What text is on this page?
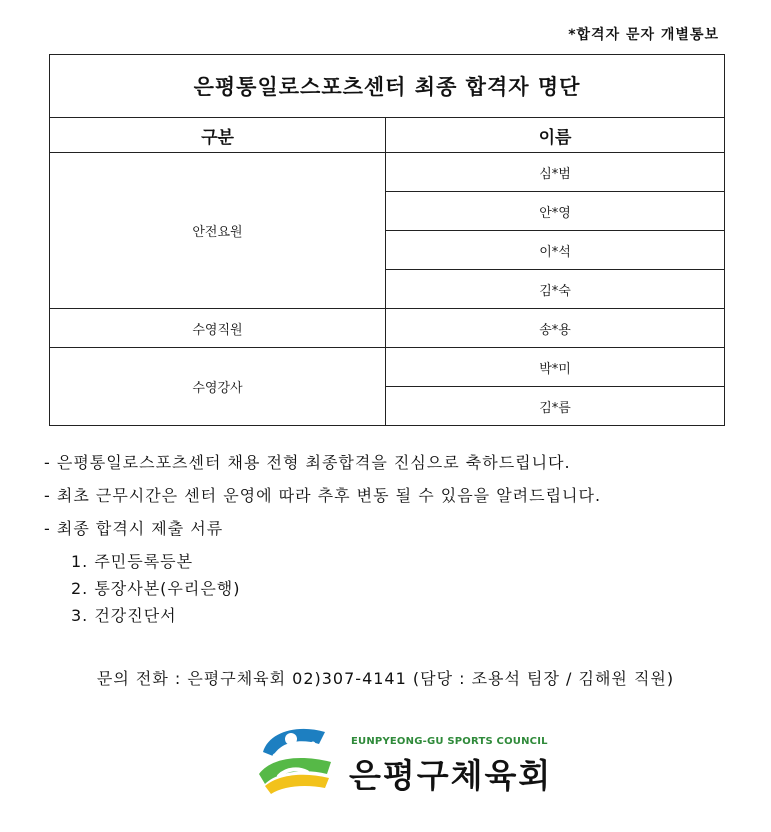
*합격자 문자 개별통보
은평통일로스포츠센터 최종 합격자 명단	
구분	이름
안전요원	심*범
	안*영
	이*석
	김*숙
수영직원	송*용
수영강사	박*미
	김*름

- 은평통일로스포츠센터 채용 전형 최종합격을 진심으로 축하드립니다.

- 최초 근무시간은 센터 운영에 따라 추후 변동 될 수 있음을 알려드립니다.

- 최종 합격시 제출 서류

1. 주민등록등본
2. 통장사본(우리은행)
3. 건강진단서
문의 전화 : 은평구체육회 02)307-4141 (담당 : 조용석 팀장 / 김해원 직원)
EUNPYEONG-GU SPORTS COUNCIL
은평구체육회
